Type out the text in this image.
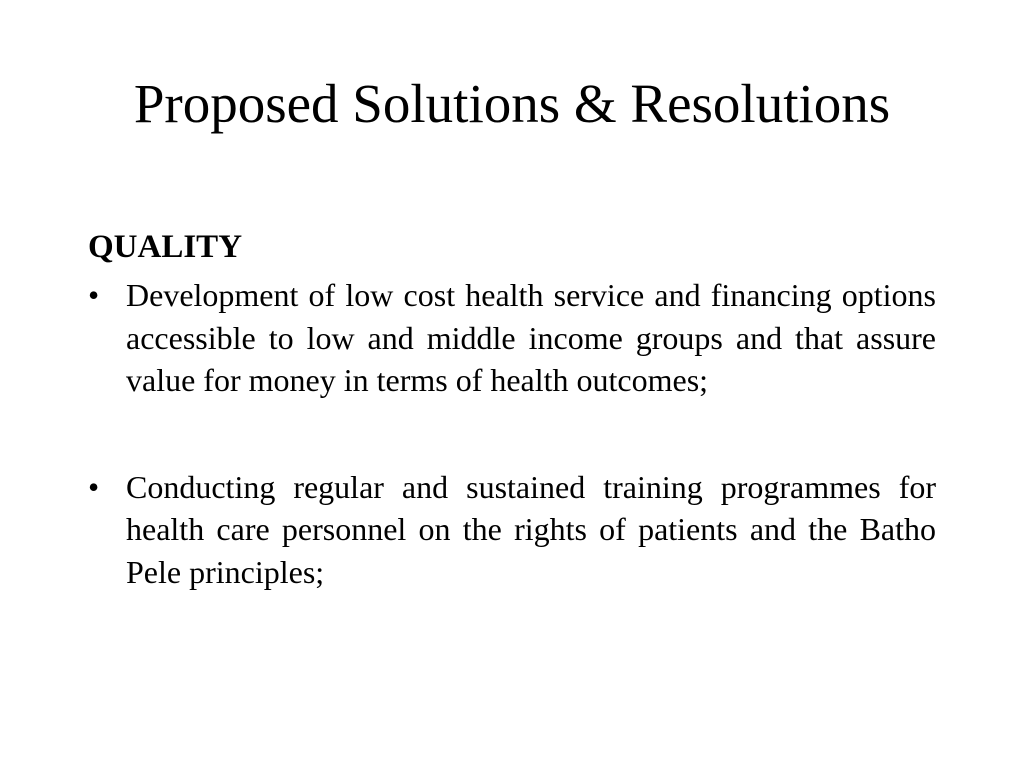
Proposed Solutions & Resolutions
QUALITY
• Development of low cost health service and financing options accessible to low and middle income groups and that assure value for money in terms of health outcomes;
• Conducting regular and sustained training programmes for health care personnel on the rights of patients and the Batho Pele principles;
